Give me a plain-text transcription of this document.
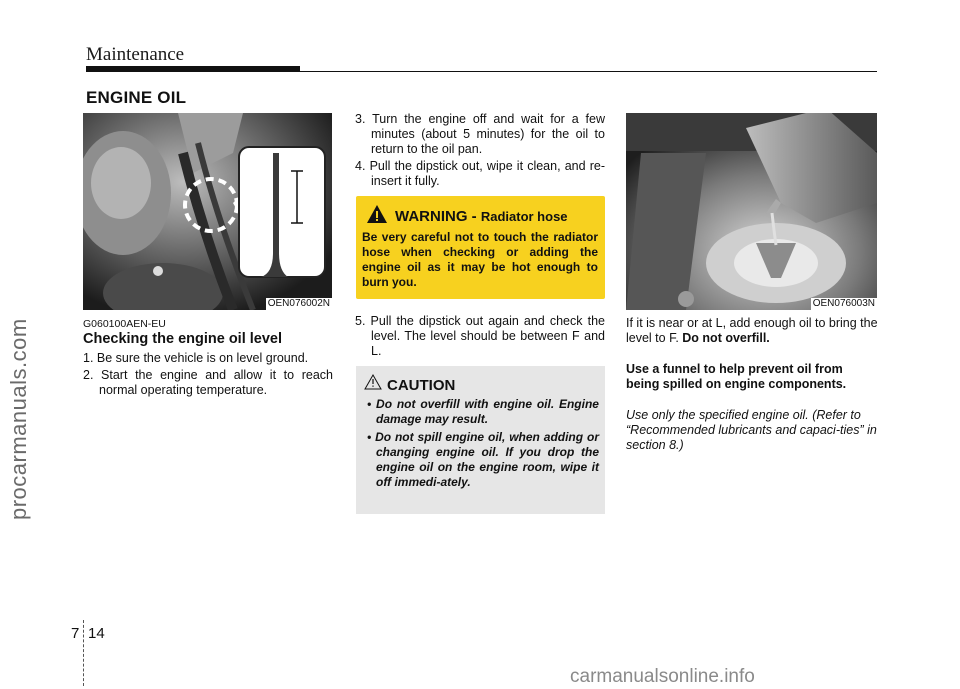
Maintenance
ENGINE OIL
procarmanuals.com
OEN076002N
G060100AEN-EU
Checking the engine oil level
1. Be sure the vehicle is on level ground.
2. Start the engine and allow it to reach normal operating temperature.
3. Turn the engine off and wait for a few minutes (about 5 minutes) for the oil to return to the oil pan.
4. Pull the dipstick out, wipe it clean, and re-insert it fully.
WARNING - Radiator hose
Be very careful not to touch the radiator hose when checking or adding the engine oil as it may be hot enough to burn you.
5. Pull the dipstick out again and check the level. The level should be between F and L.
CAUTION
• Do not overfill with engine oil. Engine damage may result.
• Do not spill engine oil, when adding or changing engine oil. If you drop the engine oil on the engine room, wipe it off immedi-ately.
OEN076003N
If it is near or at L, add enough oil to bring the level to F. Do not overfill.
Use a funnel to help prevent oil from being spilled on engine components.
Use only the specified engine oil. (Refer to “Recommended lubricants and capaci-ties” in section 8.)
7 14
carmanualsonline.info
